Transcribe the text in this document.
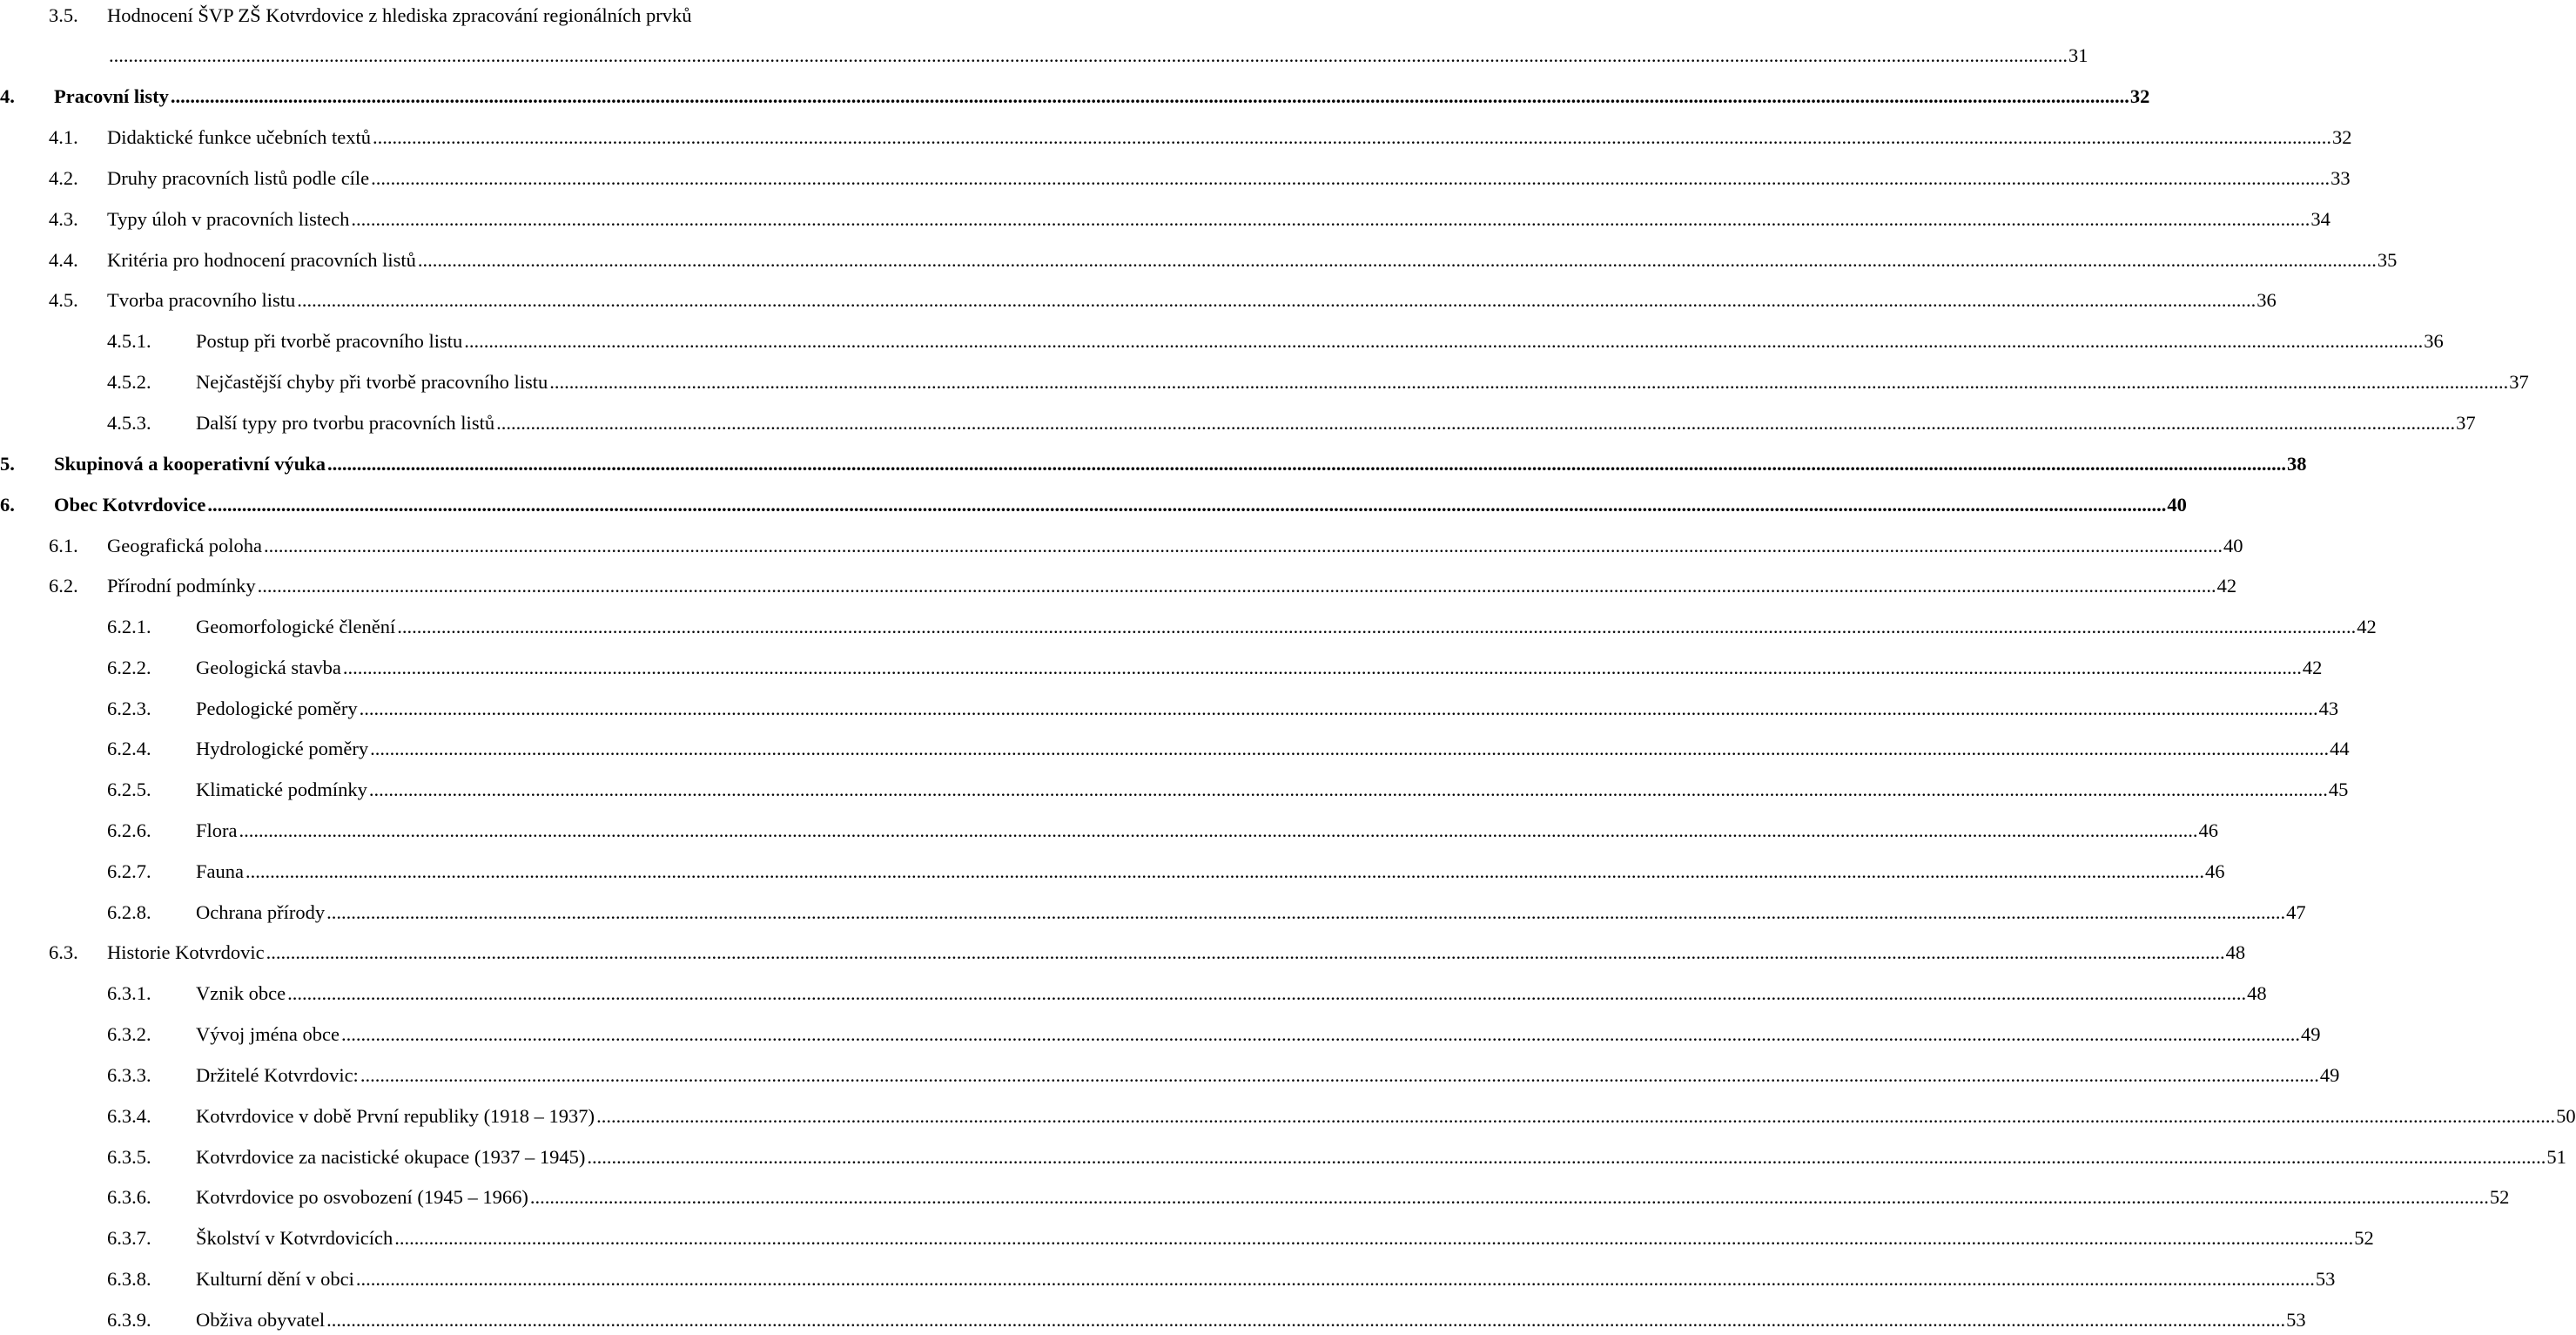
3.5. Hodnocení ŠVP ZŠ Kotvrdovice z hlediska zpracování regionálních prvků
................................................................................................................................................................................................................................................................................................................................................................................................................ 31
4. Pracovní listy ................................................................................................................................................................................................................................................................................................................................................................................................................ 32
4.1. Didaktické funkce učebních textů ................................................................................................................................................................................................................................................................................................................................................................................................................ 32
4.2. Druhy pracovních listů podle cíle ................................................................................................................................................................................................................................................................................................................................................................................................................ 33
4.3. Typy úloh v pracovních listech ................................................................................................................................................................................................................................................................................................................................................................................................................ 34
4.4. Kritéria pro hodnocení pracovních listů ................................................................................................................................................................................................................................................................................................................................................................................................................ 35
4.5. Tvorba pracovního listu ................................................................................................................................................................................................................................................................................................................................................................................................................ 36
4.5.1. Postup při tvorbě pracovního listu ................................................................................................................................................................................................................................................................................................................................................................................................................ 36
4.5.2. Nejčastější chyby při tvorbě pracovního listu ................................................................................................................................................................................................................................................................................................................................................................................................................ 37
4.5.3. Další typy pro tvorbu pracovních listů ................................................................................................................................................................................................................................................................................................................................................................................................................ 37
5. Skupinová a kooperativní výuka ................................................................................................................................................................................................................................................................................................................................................................................................................ 38
6. Obec Kotvrdovice ................................................................................................................................................................................................................................................................................................................................................................................................................ 40
6.1. Geografická poloha ................................................................................................................................................................................................................................................................................................................................................................................................................ 40
6.2. Přírodní podmínky ................................................................................................................................................................................................................................................................................................................................................................................................................ 42
6.2.1. Geomorfologické členění ................................................................................................................................................................................................................................................................................................................................................................................................................ 42
6.2.2. Geologická stavba ................................................................................................................................................................................................................................................................................................................................................................................................................ 42
6.2.3. Pedologické poměry ................................................................................................................................................................................................................................................................................................................................................................................................................ 43
6.2.4. Hydrologické poměry ................................................................................................................................................................................................................................................................................................................................................................................................................ 44
6.2.5. Klimatické podmínky ................................................................................................................................................................................................................................................................................................................................................................................................................ 45
6.2.6. Flora ................................................................................................................................................................................................................................................................................................................................................................................................................ 46
6.2.7. Fauna ................................................................................................................................................................................................................................................................................................................................................................................................................ 46
6.2.8. Ochrana přírody ................................................................................................................................................................................................................................................................................................................................................................................................................ 47
6.3. Historie Kotvrdovic ................................................................................................................................................................................................................................................................................................................................................................................................................ 48
6.3.1. Vznik obce ................................................................................................................................................................................................................................................................................................................................................................................................................ 48
6.3.2. Vývoj jména obce ................................................................................................................................................................................................................................................................................................................................................................................................................ 49
6.3.3. Držitelé Kotvrdovic: ................................................................................................................................................................................................................................................................................................................................................................................................................ 49
6.3.4. Kotvrdovice v době První republiky (1918 – 1937) ................................................................................................................................................................................................................................................................................................................................................................................................................ 50
6.3.5. Kotvrdovice za nacistické okupace (1937 – 1945) ................................................................................................................................................................................................................................................................................................................................................................................................................ 51
6.3.6. Kotvrdovice po osvobození (1945 – 1966) ................................................................................................................................................................................................................................................................................................................................................................................................................ 52
6.3.7. Školství v Kotvrdovicích ................................................................................................................................................................................................................................................................................................................................................................................................................ 52
6.3.8. Kulturní dění v obci ................................................................................................................................................................................................................................................................................................................................................................................................................ 53
6.3.9. Obživa obyvatel ................................................................................................................................................................................................................................................................................................................................................................................................................ 53
